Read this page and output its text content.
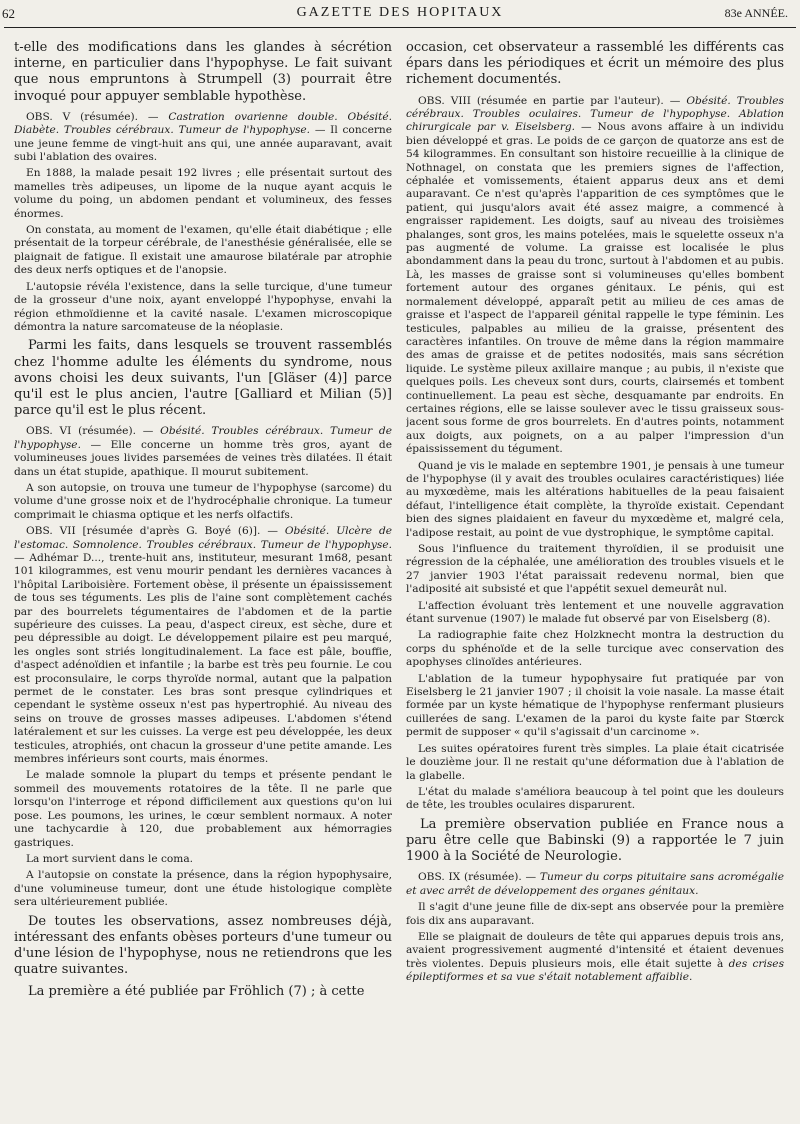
62	GAZETTE DES HOPITAUX	83e ANNÉE.

t-elle des modifications dans les glandes à sécrétion interne, en particulier dans l'hypophyse. Le fait suivant que nous empruntons à Strumpell (3) pourrait être invoqué pour appuyer semblable hypothèse.

OBS. V (résumée). — Castration ovarienne double. Obésité. Diabète. Troubles cérébraux. Tumeur de l'hypophyse. — Il concerne une jeune femme de vingt-huit ans qui, une année auparavant, avait subi l'ablation des ovaires.

En 1888, la malade pesait 192 livres ; elle présentait surtout des mamelles très adipeuses, un lipome de la nuque ayant acquis le volume du poing, un abdomen pendant et volumineux, des fesses énormes.

On constata, au moment de l'examen, qu'elle était diabétique ; elle présentait de la torpeur cérébrale, de l'anesthésie généralisée, elle se plaignait de fatigue. Il existait une amaurose bilatérale par atrophie des deux nerfs optiques et de l'anopsie.

L'autopsie révéla l'existence, dans la selle turcique, d'une tumeur de la grosseur d'une noix, ayant enveloppé l'hypophyse, envahi la région ethmoïdienne et la cavité nasale. L'examen microscopique démontra la nature sarcomateuse de la néoplasie.

Parmi les faits, dans lesquels se trouvent rassemblés chez l'homme adulte les éléments du syndrome, nous avons choisi les deux suivants, l'un [Gläser (4)] parce qu'il est le plus ancien, l'autre [Galliard et Milian (5)] parce qu'il est le plus récent.

OBS. VI (résumée). — Obésité. Troubles cérébraux. Tumeur de l'hypophyse. — Elle concerne un homme très gros, ayant de volumineuses joues livides parsemées de veines très dilatées. Il était dans un état stupide, apathique. Il mourut subitement.

A son autopsie, on trouva une tumeur de l'hypophyse (sarcome) du volume d'une grosse noix et de l'hydrocéphalie chronique. La tumeur comprimait le chiasma optique et les nerfs olfactifs.

OBS. VII [résumée d'après G. Boyé (6)]. — Obésité. Ulcère de l'estomac. Somnolence. Troubles cérébraux. Tumeur de l'hypophyse. — Adhémar D..., trente-huit ans, instituteur, mesurant 1m68, pesant 101 kilogrammes, est venu mourir pendant les dernières vacances à l'hôpital Lariboisière. Fortement obèse, il présente un épaississement de tous ses téguments. Les plis de l'aine sont complètement cachés par des bourrelets tégumentaires de l'abdomen et de la partie supérieure des cuisses. La peau, d'aspect cireux, est sèche, dure et peu dépressible au doigt. Le développement pilaire est peu marqué, les ongles sont striés longitudinalement. La face est pâle, bouffie, d'aspect adénoïdien et infantile ; la barbe est très peu fournie. Le cou est proconsulaire, le corps thyroïde normal, autant que la palpation permet de le constater. Les bras sont presque cylindriques et cependant le système osseux n'est pas hypertrophié. Au niveau des seins on trouve de grosses masses adipeuses. L'abdomen s'étend latéralement et sur les cuisses. La verge est peu développée, les deux testicules, atrophiés, ont chacun la grosseur d'une petite amande. Les membres inférieurs sont courts, mais énormes.

Le malade somnole la plupart du temps et présente pendant le sommeil des mouvements rotatoires de la tête. Il ne parle que lorsqu'on l'interroge et répond difficilement aux questions qu'on lui pose. Les poumons, les urines, le cœur semblent normaux. A noter une tachycardie à 120, due probablement aux hémorragies gastriques.

La mort survient dans le coma.

A l'autopsie on constate la présence, dans la région hypophysaire, d'une volumineuse tumeur, dont une étude histologique complète sera ultérieurement publiée.

De toutes les observations, assez nombreuses déjà, intéressant des enfants obèses porteurs d'une tumeur ou d'une lésion de l'hypophyse, nous ne retiendrons que les quatre suivantes.

La première a été publiée par Fröhlich (7) ; à cette

occasion, cet observateur a rassemblé les différents cas épars dans les périodiques et écrit un mémoire des plus richement documentés.

OBS. VIII (résumée en partie par l'auteur). — Obésité. Troubles cérébraux. Troubles oculaires. Tumeur de l'hypophyse. Ablation chirurgicale par v. Eiselsberg. — Nous avons affaire à un individu bien développé et gras. Le poids de ce garçon de quatorze ans est de 54 kilogrammes. En consultant son histoire recueillie à la clinique de Nothnagel, on constata que les premiers signes de l'affection, céphalée et vomissements, étaient apparus deux ans et demi auparavant. Ce n'est qu'après l'apparition de ces symptômes que le patient, qui jusqu'alors avait été assez maigre, a commencé à engraisser rapidement. Les doigts, sauf au niveau des troisièmes phalanges, sont gros, les mains potelées, mais le squelette osseux n'a pas augmenté de volume. La graisse est localisée le plus abondamment dans la peau du tronc, surtout à l'abdomen et au pubis. Là, les masses de graisse sont si volumineuses qu'elles bombent fortement autour des organes génitaux. Le pénis, qui est normalement développé, apparaît petit au milieu de ces amas de graisse et l'aspect de l'appareil génital rappelle le type féminin. Les testicules, palpables au milieu de la graisse, présentent des caractères infantiles. On trouve de même dans la région mammaire des amas de graisse et de petites nodosités, mais sans sécrétion liquide. Le système pileux axillaire manque ; au pubis, il n'existe que quelques poils. Les cheveux sont durs, courts, clairsemés et tombent continuellement. La peau est sèche, desquamante par endroits. En certaines régions, elle se laisse soulever avec le tissu graisseux sous-jacent sous forme de gros bourrelets. En d'autres points, notamment aux doigts, aux poignets, on a au palper l'impression d'un épaississement du tégument.

Quand je vis le malade en septembre 1901, je pensais à une tumeur de l'hypophyse (il y avait des troubles oculaires caractéristiques) liée au myxœdème, mais les altérations habituelles de la peau faisaient défaut, l'intelligence était complète, la thyroïde existait. Cependant bien des signes plaidaient en faveur du myxœdème et, malgré cela, l'adipose restait, au point de vue dystrophique, le symptôme capital.

Sous l'influence du traitement thyroïdien, il se produisit une régression de la céphalée, une amélioration des troubles visuels et le 27 janvier 1903 l'état paraissait redevenu normal, bien que l'adiposité ait subsisté et que l'appétit sexuel demeurât nul.

L'affection évoluant très lentement et une nouvelle aggravation étant survenue (1907) le malade fut observé par von Eiselsberg (8).

La radiographie faite chez Holzknecht montra la destruction du corps du sphénoïde et de la selle turcique avec conservation des apophyses clinoïdes antérieures.

L'ablation de la tumeur hypophysaire fut pratiquée par von Eiselsberg le 21 janvier 1907 ; il choisit la voie nasale. La masse était formée par un kyste hématique de l'hypophyse renfermant plusieurs cuillerées de sang. L'examen de la paroi du kyste faite par Stœrck permit de supposer « qu'il s'agissait d'un carcinome ».

Les suites opératoires furent très simples. La plaie était cicatrisée le douzième jour. Il ne restait qu'une déformation due à l'ablation de la glabelle.

L'état du malade s'améliora beaucoup à tel point que les douleurs de tête, les troubles oculaires disparurent.

La première observation publiée en France nous a paru être celle que Babinski (9) a rapportée le 7 juin 1900 à la Société de Neurologie.

OBS. IX (résumée). — Tumeur du corps pituitaire sans acromégalie et avec arrêt de développement des organes génitaux.

Il s'agit d'une jeune fille de dix-sept ans observée pour la première fois dix ans auparavant.

Elle se plaignait de douleurs de tête qui apparues depuis trois ans, avaient progressivement augmenté d'intensité et étaient devenues très violentes. Depuis plusieurs mois, elle était sujette à des crises épileptiformes et sa vue s'était notablement affaiblie.
